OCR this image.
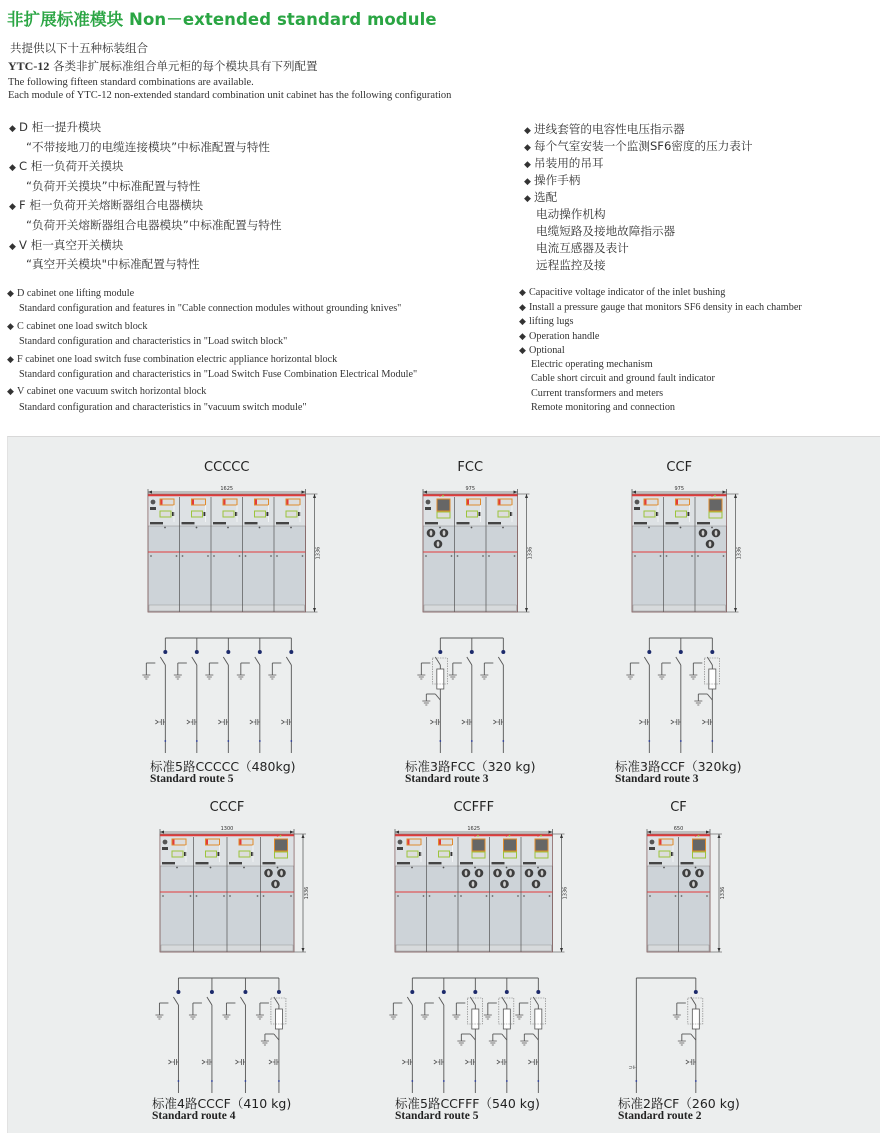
非扩展标准模块 Non－extended standard module
共提供以下十五种标装组合
YTC-12 各类非扩展标准组合单元柜的每个模块具有下列配置
The following fifteen standard combinations are available.
Each module of YTC-12 non-extended standard combination unit cabinet has the following configuration
◆ D 柜一提升模块
“不带接地刀的电缆连接模块”中标准配置与特性
◆ C 柜一负荷开关摸块
“负荷开关摸块”中标准配置与特性
◆ F 柜一负荷开关熔断器组合电器横块
“负荷开关熔断器组合电器模块”中标准配置与特性
◆ V 柜一真空开关横块
“真空开关模块"中标准配置与特性
◆ 进线套管的电容性电压指示器
◆ 每个气室安装一个监测SF6密度的压力表计
◆ 吊装用的吊耳
◆ 操作手柄
◆ 选配
电动操作机构
电缆短路及接地故障指示器
电流互感器及表计
远程监控及接
◆ D cabinet one lifting module
Standard configuration and features in "Cable connection modules without grounding knives"
◆ C cabinet one load switch block
Standard configuration and characteristics in "Load switch block"
◆ F cabinet one load switch fuse combination electric appliance horizontal block
Standard configuration and characteristics in "Load Switch Fuse Combination Electrical Module"
◆ V cabinet one vacuum switch horizontal block
Standard configuration and characteristics in "vacuum switch module"
◆ Capacitive voltage indicator of the inlet bushing
◆ Install a pressure gauge that monitors SF6 density in each chamber
◆ lifting lugs
◆ Operation handle
◆ Optional
Electric operating mechanism
Cable short circuit and ground fault indicator
Current transformers and meters
Remote monitoring and connection
CCCCC
1625
1336
标准5路CCCCC（480kg)
Standard route 5
FCC
975
1336
标准3路FCC（320 kg)
Standard route 3
CCF
975
1336
标准3路CCF（320kg)
Standard route 3
CCCF
1300
1336
标准4路CCCF（410 kg)
Standard route 4
CCFFF
1625
1336
标准5路CCFFF（540 kg)
Standard route 5
CF
650
1336
⊃⊩
标准2路CF（260 kg)
Standard route 2
